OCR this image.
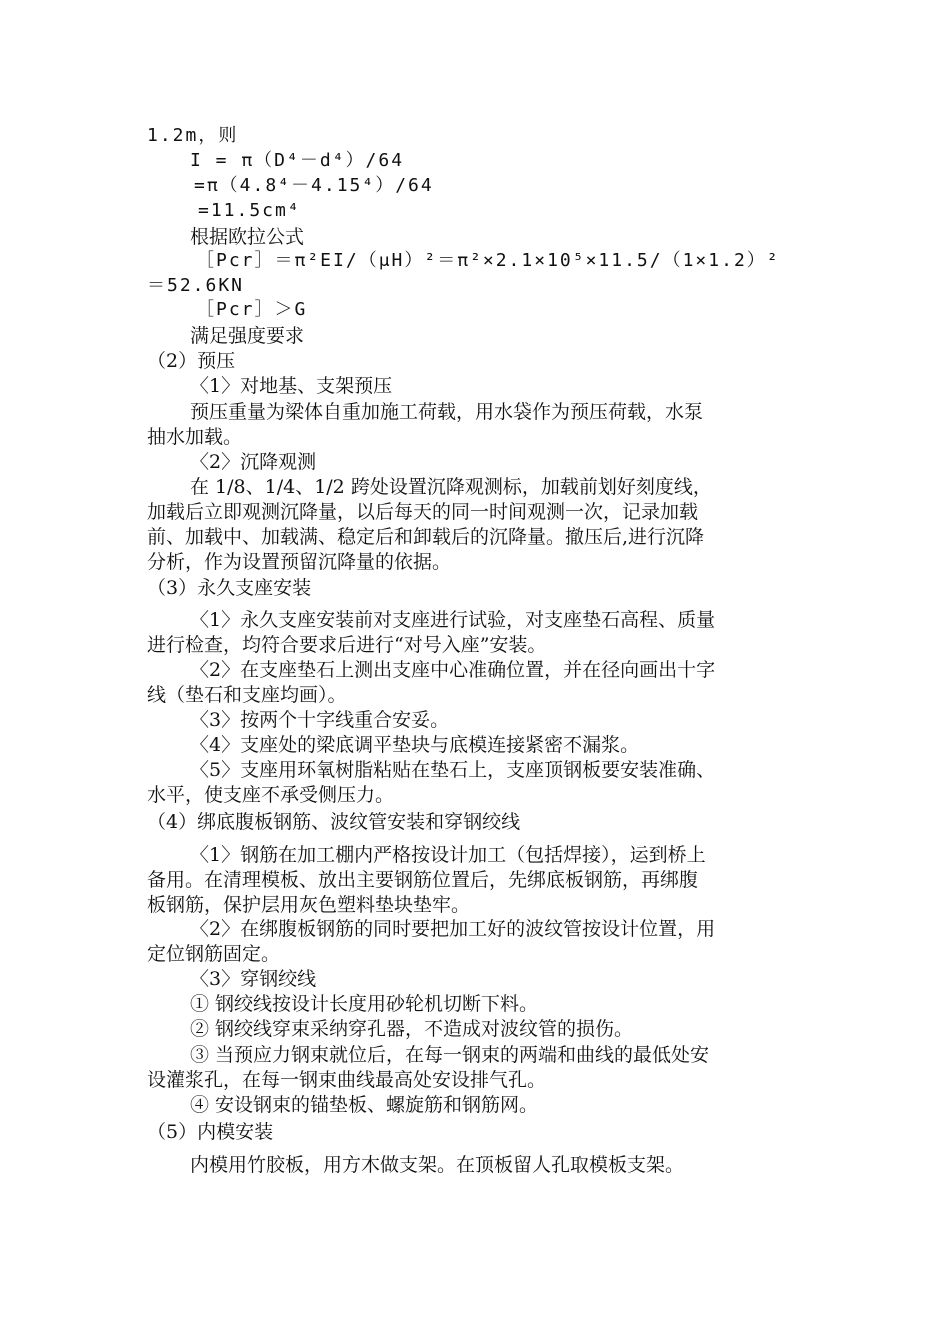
1.2m，则
I = π（D⁴－d⁴）/64
=π（4.8⁴－4.15⁴）/64
=11.5cm⁴
根据欧拉公式
［Pcr］＝π²EI/（μH）²＝π²×2.1×10⁵×11.5/（1×1.2）²
＝52.6KN
［Pcr］＞G
满足强度要求
（2）预压
〈1〉对地基、支架预压
预压重量为梁体自重加施工荷载，用水袋作为预压荷载，水泵
抽水加载。
〈2〉沉降观测
在 1/8、1/4、1/2 跨处设置沉降观测标，加载前划好刻度线，
加载后立即观测沉降量，以后每天的同一时间观测一次，记录加载
前、加载中、加载满、稳定后和卸载后的沉降量。撤压后,进行沉降
分析，作为设置预留沉降量的依据。
（3）永久支座安装
〈1〉永久支座安装前对支座进行试验，对支座垫石高程、质量
进行检查，均符合要求后进行“对号入座”安装。
〈2〉在支座垫石上测出支座中心准确位置，并在径向画出十字
线（垫石和支座均画）。
〈3〉按两个十字线重合安妥。
〈4〉支座处的梁底调平垫块与底模连接紧密不漏浆。
〈5〉支座用环氧树脂粘贴在垫石上，支座顶钢板要安装准确、
水平，使支座不承受侧压力。
（4）绑底腹板钢筋、波纹管安装和穿钢绞线
〈1〉钢筋在加工棚内严格按设计加工（包括焊接），运到桥上
备用。在清理模板、放出主要钢筋位置后，先绑底板钢筋，再绑腹
板钢筋，保护层用灰色塑料垫块垫牢。
〈2〉在绑腹板钢筋的同时要把加工好的波纹管按设计位置，用
定位钢筋固定。
〈3〉穿钢绞线
① 钢绞线按设计长度用砂轮机切断下料。
② 钢绞线穿束采纳穿孔器，不造成对波纹管的损伤。
③ 当预应力钢束就位后，在每一钢束的两端和曲线的最低处安
设灌浆孔，在每一钢束曲线最高处安设排气孔。
④ 安设钢束的锚垫板、螺旋筋和钢筋网。
（5）内模安装
内模用竹胶板，用方木做支架。在顶板留人孔取模板支架。
